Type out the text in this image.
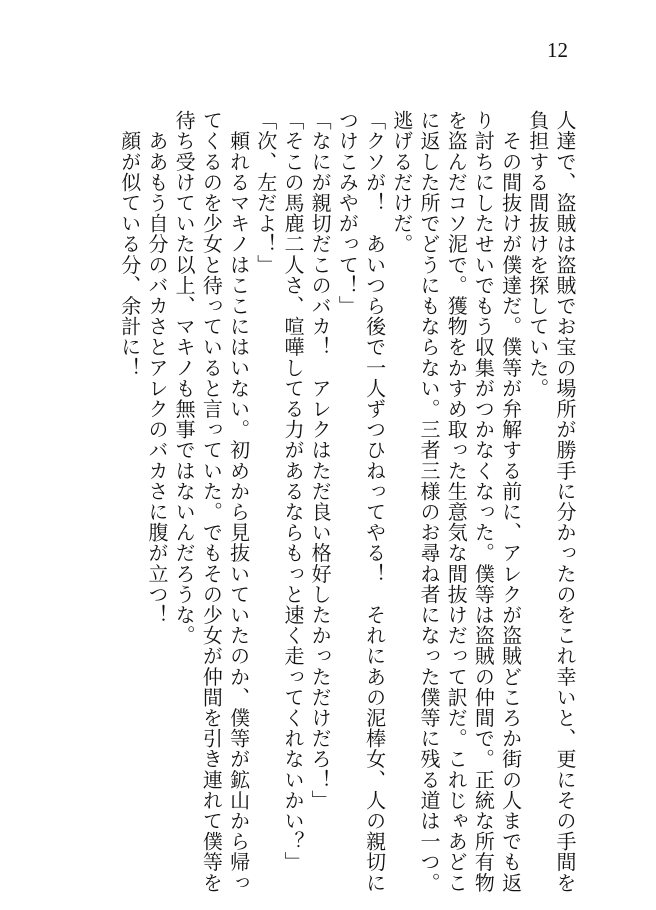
12
人達で、盗賊は盗賊でお宝の場所が勝手に分かったのをこれ幸いと、更にその手間を
負担する間抜けを探していた。
　その間抜けが僕達だ。僕等が弁解する前に、アレクが盗賊どころか街の人までも返
り討ちにしたせいでもう収集がつかなくなった。僕等は盗賊の仲間で。正統な所有物
を盗んだコソ泥で。獲物をかすめ取った生意気な間抜けだって訳だ。これじゃあどこ
に返した所でどうにもならない。三者三様のお尋ね者になった僕等に残る道は一つ。
逃げるだけだ。
「クソが！　あいつら後で一人ずつひねってやる！　それにあの泥棒女、人の親切に
つけこみやがって！」
「なにが親切だこのバカ！　アレクはただ良い格好したかっただけだろ！」
「そこの馬鹿二人さ、喧嘩してる力があるならもっと速く走ってくれないかい？」
「次、左だよ！」
　頼れるマキノはここにはいない。初めから見抜いていたのか、僕等が鉱山から帰っ
てくるのを少女と待っていると言っていた。でもその少女が仲間を引き連れて僕等を
待ち受けていた以上、マキノも無事ではないんだろうな。
　ああもう自分のバカさとアレクのバカさに腹が立つ！
　顔が似ている分、余計に！
